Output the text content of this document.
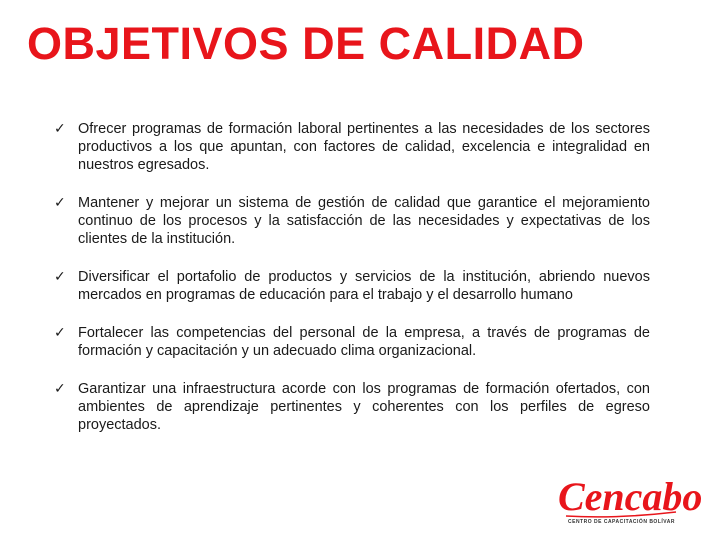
OBJETIVOS DE CALIDAD
✓ Ofrecer programas de formación laboral pertinentes a las necesidades de los sectores productivos a los que apuntan, con factores de calidad, excelencia e integralidad en nuestros egresados.
✓ Mantener y mejorar un sistema de gestión de calidad que garantice el mejoramiento continuo de los procesos y la satisfacción de las necesidades y expectativas de los clientes de la institución.
✓ Diversificar el portafolio de productos y servicios de la institución, abriendo nuevos mercados en programas de educación para el trabajo y el desarrollo humano
✓ Fortalecer las competencias del personal de la empresa, a través de programas de formación y capacitación y un adecuado clima organizacional.
✓ Garantizar una infraestructura acorde con los programas de formación ofertados, con ambientes de aprendizaje pertinentes y coherentes con los perfiles de egreso proyectados.
Cencabo
CENTRO DE CAPACITACIÓN BOLÍVAR
